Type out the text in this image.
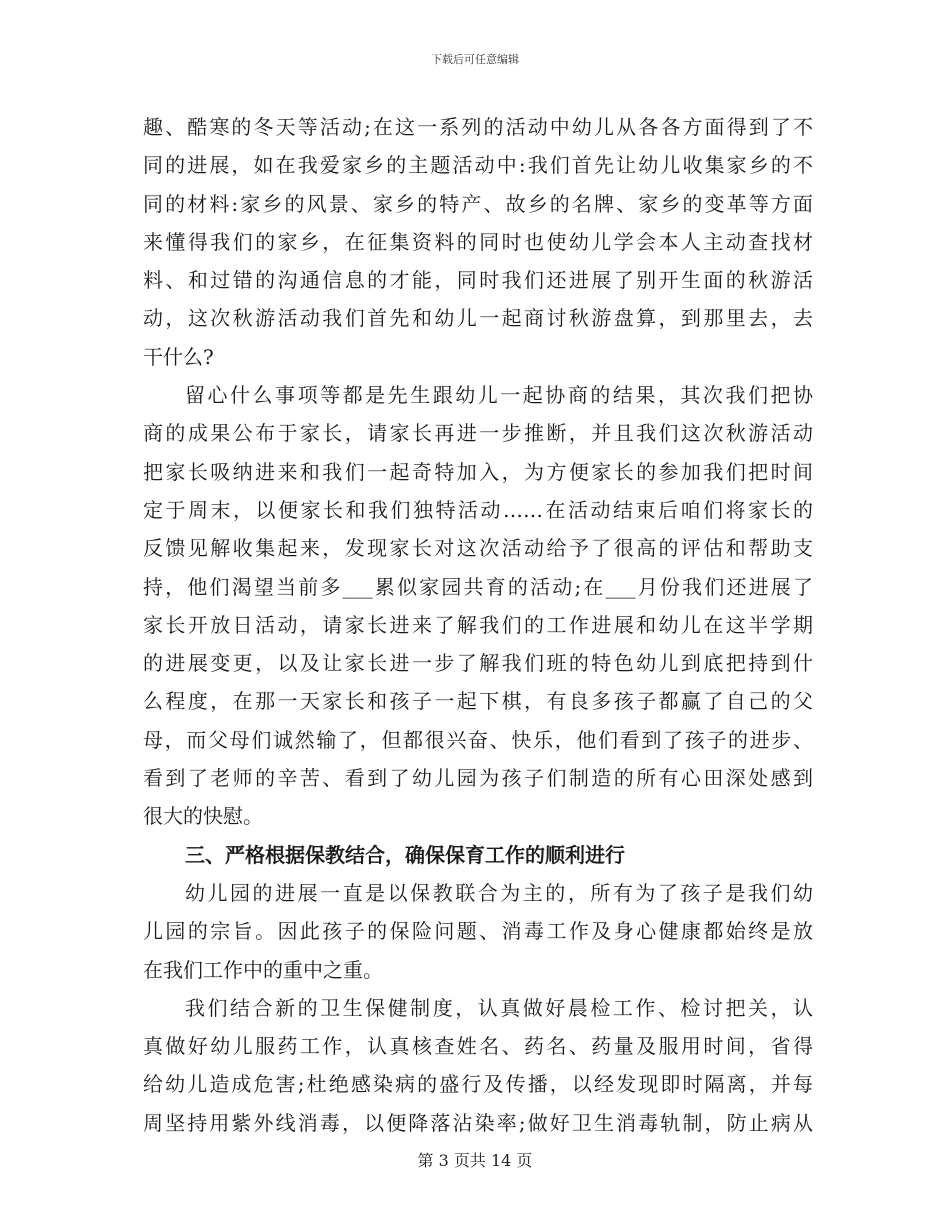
下载后可任意编辑
趣、酷寒的冬天等活动;在这一系列的活动中幼儿从各各方面得到了不
同的进展，如在我爱家乡的主题活动中:我们首先让幼儿收集家乡的不
同的材料:家乡的风景、家乡的特产、故乡的名牌、家乡的变革等方面
来懂得我们的家乡，在征集资料的同时也使幼儿学会本人主动查找材
料、和过错的沟通信息的才能，同时我们还进展了别开生面的秋游活
动，这次秋游活动我们首先和幼儿一起商讨秋游盘算，到那里去，去
干什么?
留心什么事项等都是先生跟幼儿一起协商的结果，其次我们把协
商的成果公布于家长，请家长再进一步推断，并且我们这次秋游活动
把家长吸纳进来和我们一起奇特加入，为方便家长的参加我们把时间
定于周末，以便家长和我们独特活动……在活动结束后咱们将家长的
反馈见解收集起来，发现家长对这次活动给予了很高的评估和帮助支
持，他们渴望当前多___累似家园共育的活动;在___月份我们还进展了
家长开放日活动，请家长进来了解我们的工作进展和幼儿在这半学期
的进展变更，以及让家长进一步了解我们班的特色幼儿到底把持到什
么程度，在那一天家长和孩子一起下棋，有良多孩子都赢了自己的父
母，而父母们诚然输了，但都很兴奋、快乐，他们看到了孩子的进步、
看到了老师的辛苦、看到了幼儿园为孩子们制造的所有心田深处感到
很大的快慰。
三、严格根据保教结合，确保保育工作的顺利进行
幼儿园的进展一直是以保教联合为主的，所有为了孩子是我们幼
儿园的宗旨。因此孩子的保险问题、消毒工作及身心健康都始终是放
在我们工作中的重中之重。
我们结合新的卫生保健制度，认真做好晨检工作、检讨把关，认
真做好幼儿服药工作，认真核查姓名、药名、药量及服用时间，省得
给幼儿造成危害;杜绝感染病的盛行及传播，以经发现即时隔离，并每
周坚持用紫外线消毒，以便降落沾染率;做好卫生消毒轨制，防止病从
第 3 页共 14 页
